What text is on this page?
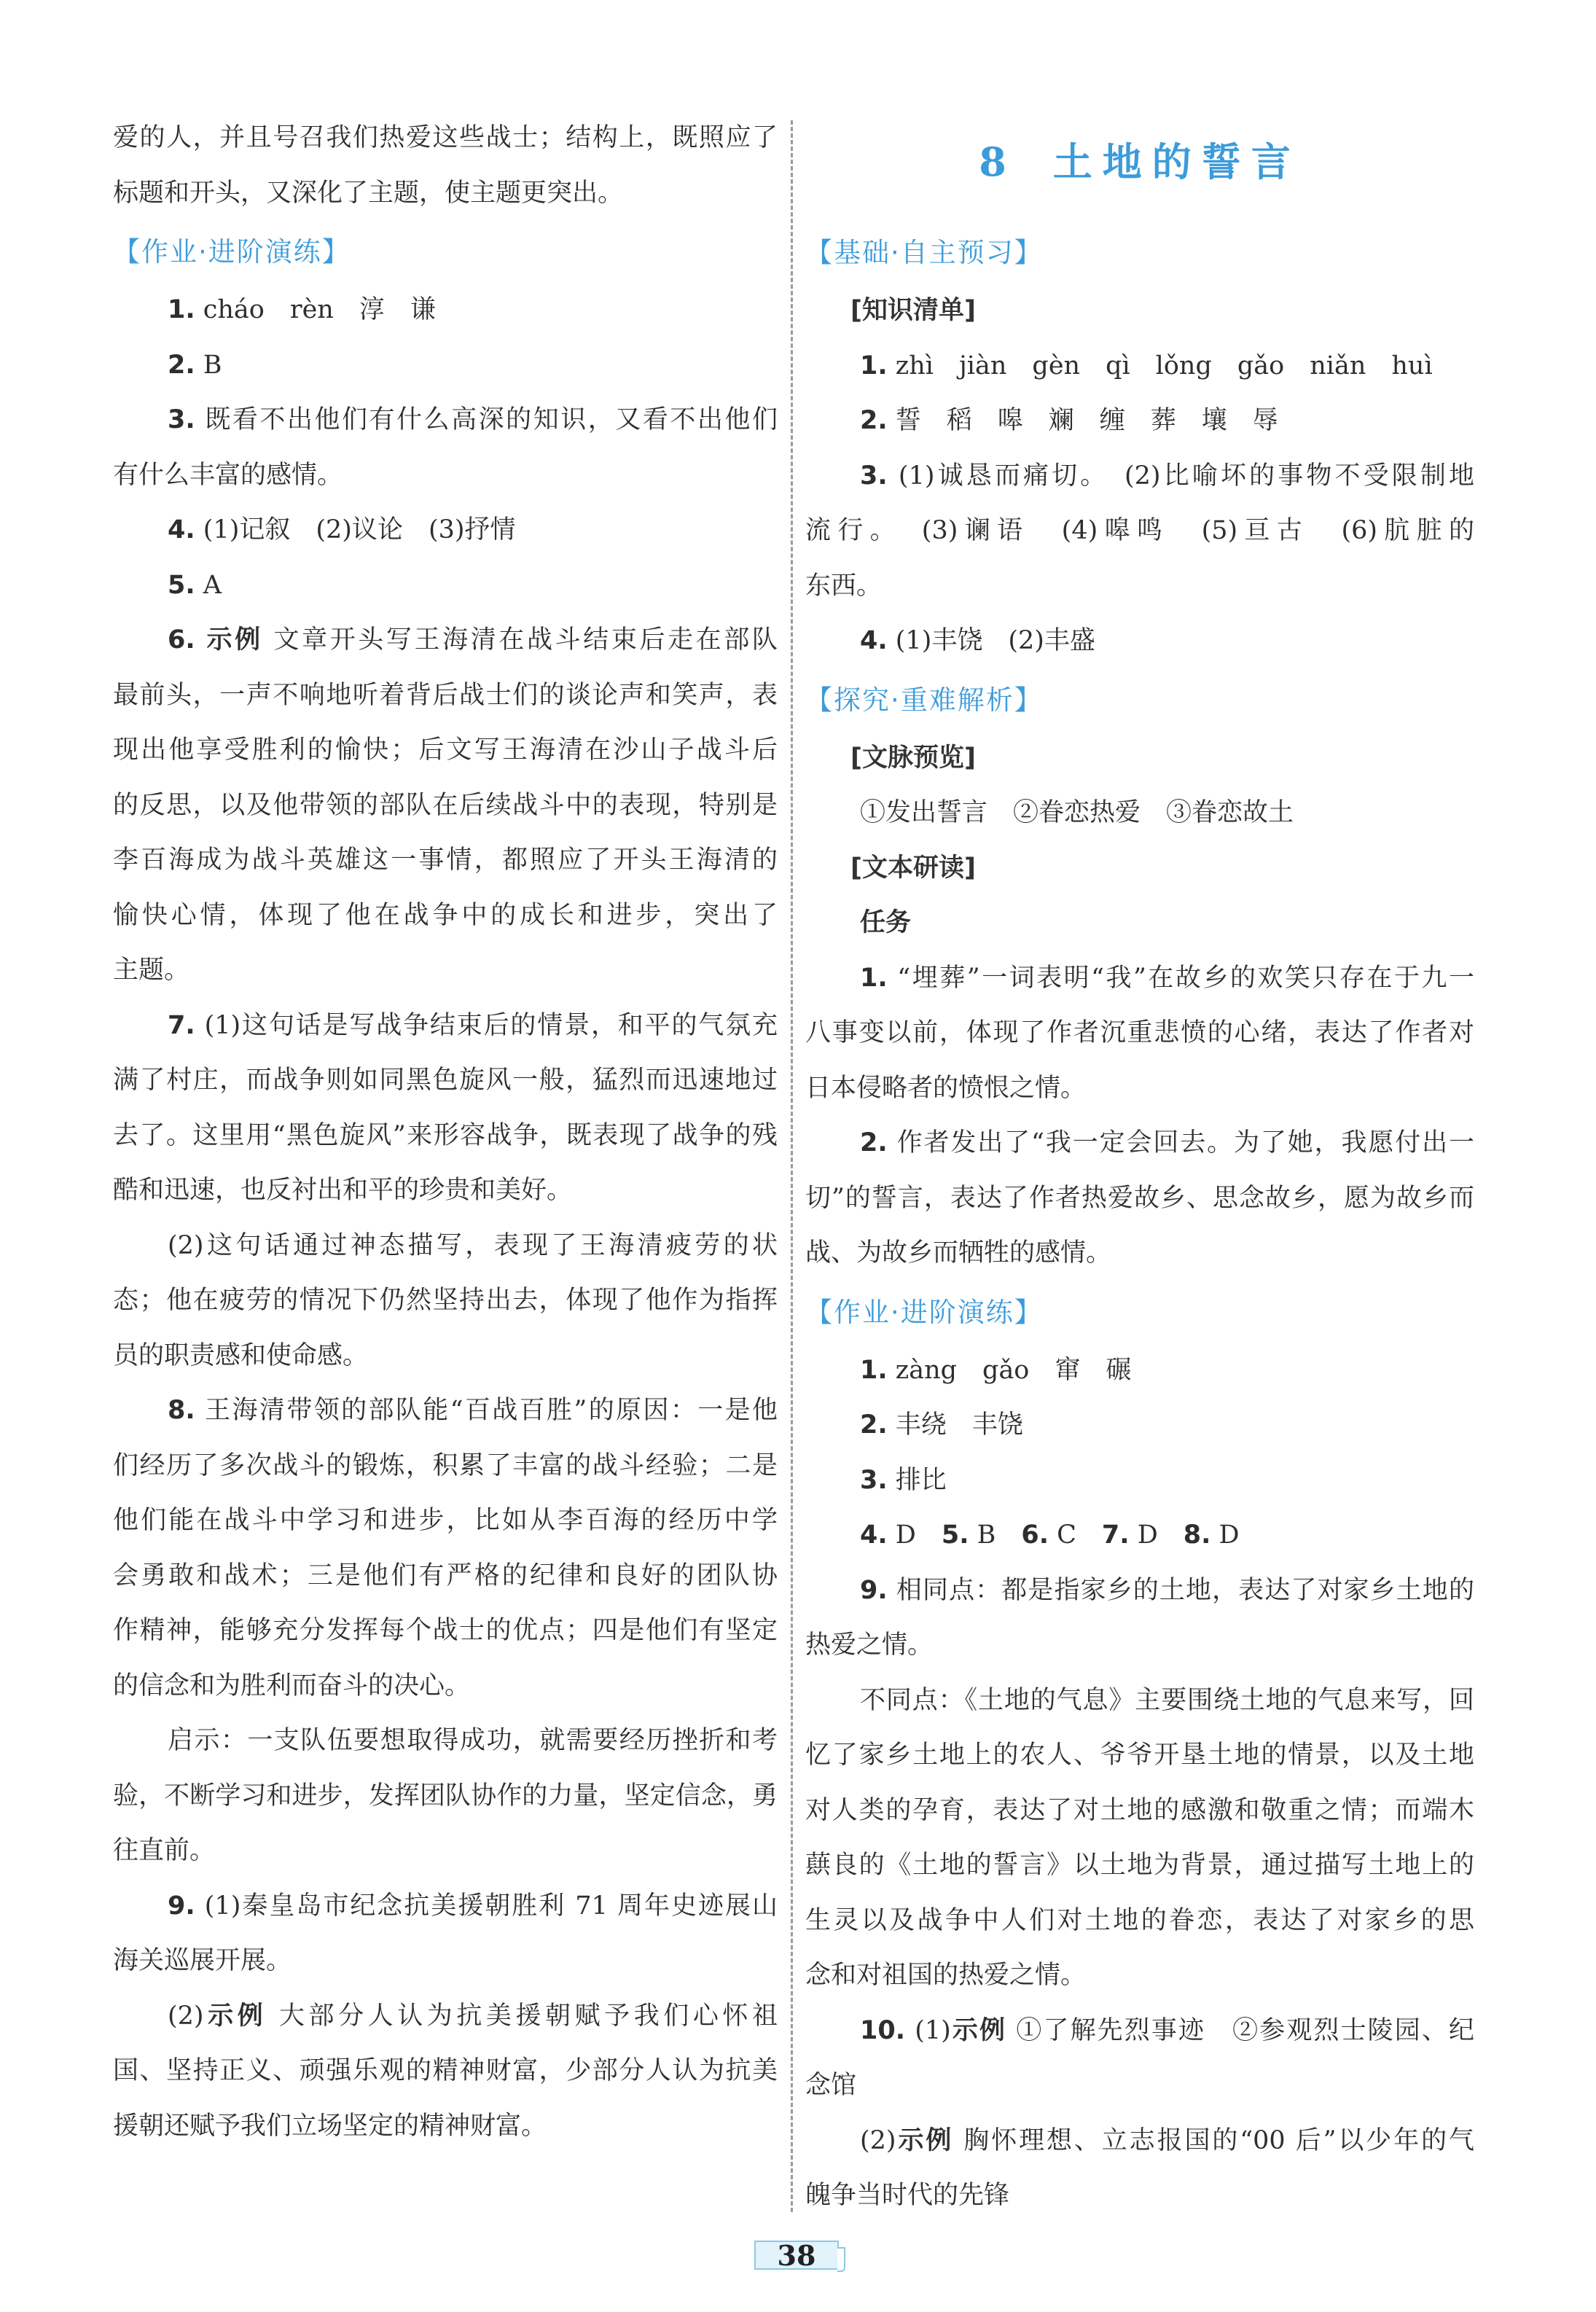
爱的人，并且号召我们热爱这些战士；结构上，既照应了
标题和开头，又深化了主题，使主题更突出。
【作业·进阶演练】
1. cháo　rèn　淳　谦
2. B
3. 既看不出他们有什么高深的知识，又看不出他们
有什么丰富的感情。
4. (1)记叙　(2)议论　(3)抒情
5. A
6. 示例 文章开头写王海清在战斗结束后走在部队
最前头，一声不响地听着背后战士们的谈论声和笑声，表
现出他享受胜利的愉快；后文写王海清在沙山子战斗后
的反思，以及他带领的部队在后续战斗中的表现，特别是
李百海成为战斗英雄这一事情，都照应了开头王海清的
愉快心情，体现了他在战争中的成长和进步，突出了
主题。
7. (1)这句话是写战争结束后的情景，和平的气氛充
满了村庄，而战争则如同黑色旋风一般，猛烈而迅速地过
去了。这里用“黑色旋风”来形容战争，既表现了战争的残
酷和迅速，也反衬出和平的珍贵和美好。
(2)这句话通过神态描写，表现了王海清疲劳的状
态；他在疲劳的情况下仍然坚持出去，体现了他作为指挥
员的职责感和使命感。
8. 王海清带领的部队能“百战百胜”的原因：一是他
们经历了多次战斗的锻炼，积累了丰富的战斗经验；二是
他们能在战斗中学习和进步，比如从李百海的经历中学
会勇敢和战术；三是他们有严格的纪律和良好的团队协
作精神，能够充分发挥每个战士的优点；四是他们有坚定
的信念和为胜利而奋斗的决心。
启示：一支队伍要想取得成功，就需要经历挫折和考
验，不断学习和进步，发挥团队协作的力量，坚定信念，勇
往直前。
9. (1)秦皇岛市纪念抗美援朝胜利 71 周年史迹展山
海关巡展开展。
(2)示例 大部分人认为抗美援朝赋予我们心怀祖
国、坚持正义、顽强乐观的精神财富，少部分人认为抗美
援朝还赋予我们立场坚定的精神财富。
8 土地的誓言
【基础·自主预习】
[知识清单]
1. zhì　jiàn　gèn　qì　lǒng　gǎo　niǎn　huì
2. 誓　稻　嗥　斓　缠　葬　壤　辱
3. (1)诚恳而痛切。　(2)比喻坏的事物不受限制地
流行。　(3)谰语　(4)嗥鸣　(5)亘古　(6)肮脏的
东西。
4. (1)丰饶　(2)丰盛
【探究·重难解析】
[文脉预览]
①发出誓言　②眷恋热爱　③眷恋故土
[文本研读]
任务
1. “埋葬”一词表明“我”在故乡的欢笑只存在于九一
八事变以前，体现了作者沉重悲愤的心绪，表达了作者对
日本侵略者的愤恨之情。
2. 作者发出了“我一定会回去。为了她，我愿付出一
切”的誓言，表达了作者热爱故乡、思念故乡，愿为故乡而
战、为故乡而牺牲的感情。
【作业·进阶演练】
1. zàng　gǎo　窜　碾
2. 丰绕　丰饶
3. 排比
4. D　5. B　6. C　7. D　8. D
9. 相同点：都是指家乡的土地，表达了对家乡土地的
热爱之情。
不同点：《土地的气息》主要围绕土地的气息来写，回
忆了家乡土地上的农人、爷爷开垦土地的情景，以及土地
对人类的孕育，表达了对土地的感激和敬重之情；而端木
蕻良的《土地的誓言》以土地为背景，通过描写土地上的
生灵以及战争中人们对土地的眷恋，表达了对家乡的思
念和对祖国的热爱之情。
10. (1)示例 ①了解先烈事迹　②参观烈士陵园、纪
念馆
(2)示例 胸怀理想、立志报国的“00 后”以少年的气
魄争当时代的先锋
38
